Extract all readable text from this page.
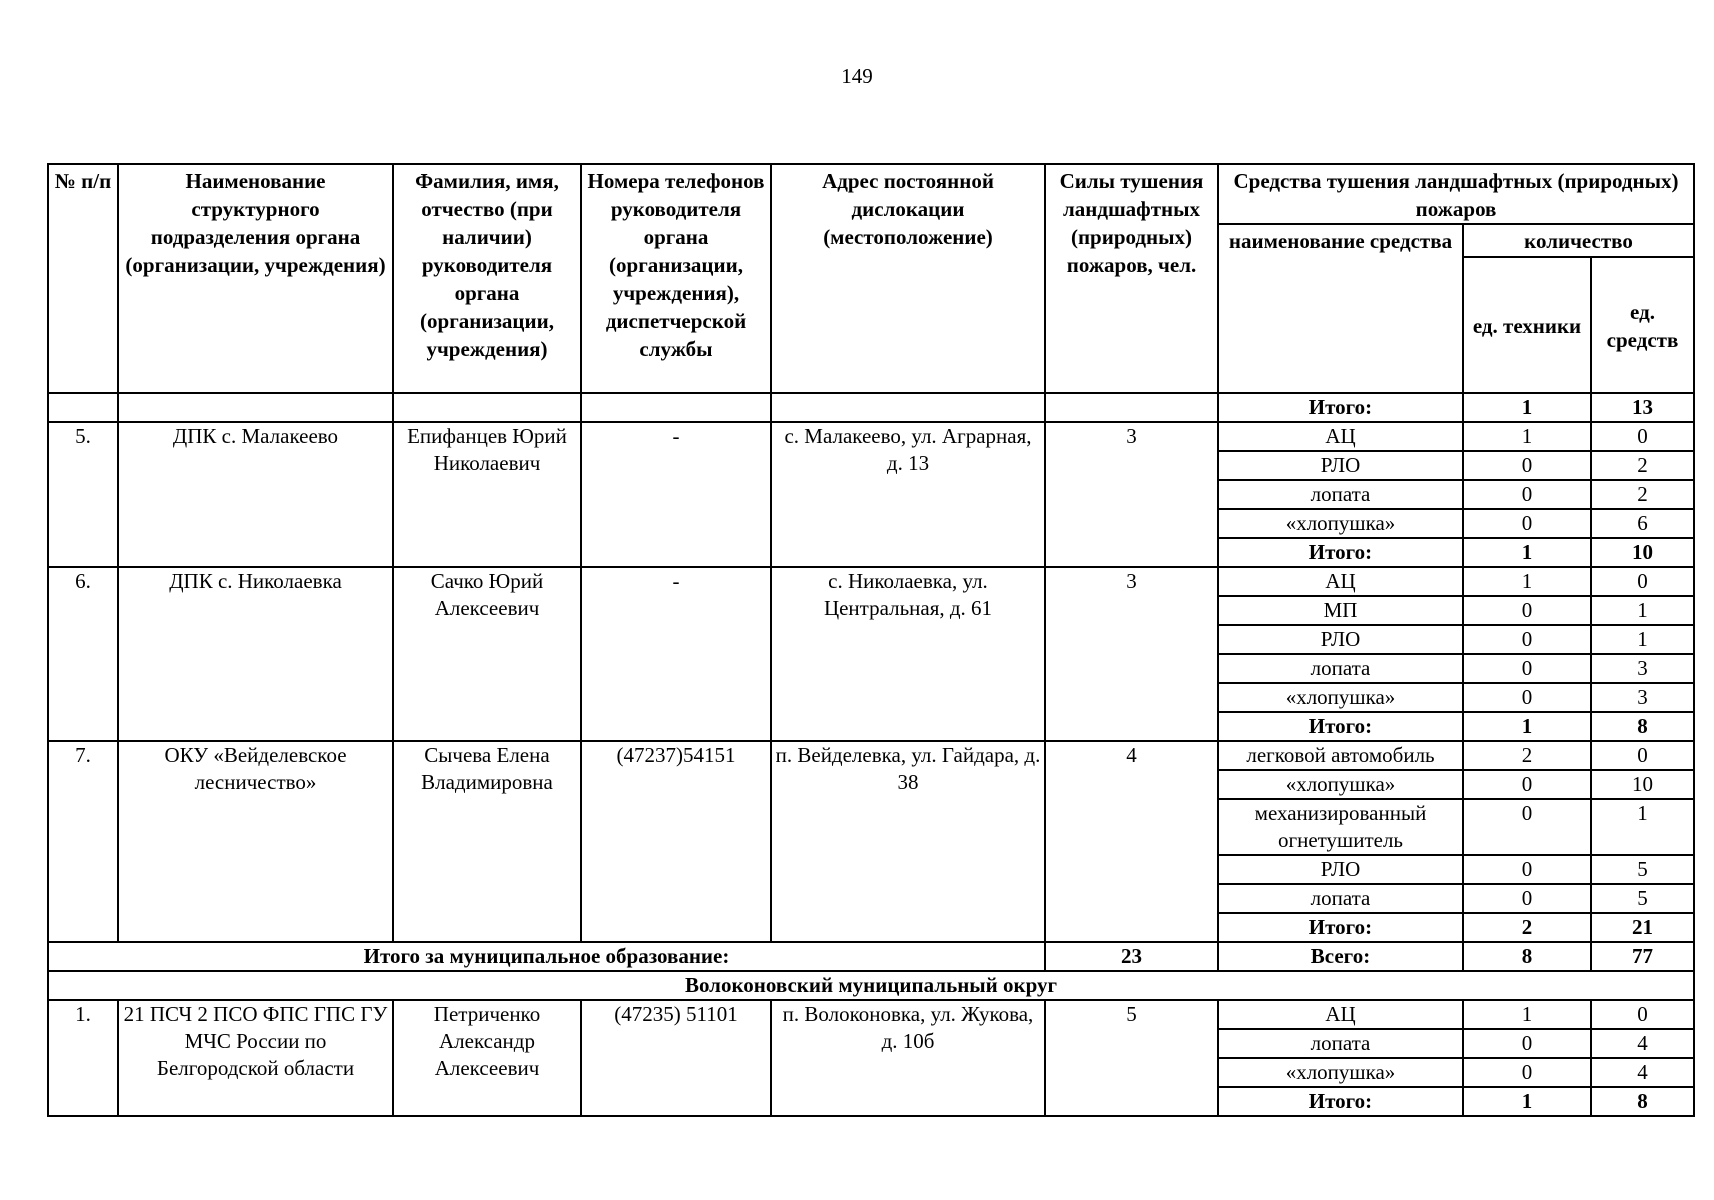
149
№ п/п	Наименование структурного подразделения органа (организации, учреждения)	Фамилия, имя, отчество (при наличии) руководителя органа (организации, учреждения)	Номера телефонов руководителя органа (организации, учреждения), диспетчерской службы	Адрес постоянной дислокации (местоположение)	Силы тушения ландшафтных (природных) пожаров, чел.	Средства тушения ландшафтных (природных) пожаров		
						наименование средства	количество	
							ед. техники	ед. средств
						Итого:	1	13
5.	ДПК с. Малакеево	Епифанцев Юрий Николаевич	-	с. Малакеево, ул. Аграрная, д. 13	3	АЦ	1	0
						РЛО	0	2
						лопата	0	2
						«хлопушка»	0	6
						Итого:	1	10
6.	ДПК с. Николаевка	Сачко Юрий Алексеевич	-	с. Николаевка, ул. Центральная, д. 61	3	АЦ	1	0
						МП	0	1
						РЛО	0	1
						лопата	0	3
						«хлопушка»	0	3
						Итого:	1	8
7.	ОКУ «Вейделевское лесничество»	Сычева Елена Владимировна	(47237)54151	п. Вейделевка, ул. Гайдара, д. 38	4	легковой автомобиль	2	0
						«хлопушка»	0	10
						механизированный огнетушитель	0	1
						РЛО	0	5
						лопата	0	5
						Итого:	2	21
Итого за муниципальное образование:					23	Всего:	8	77
Волоконовский муниципальный округ								
1.	21 ПСЧ 2 ПСО ФПС ГПС ГУ МЧС России по Белгородской области	Петриченко Александр Алексеевич	(47235) 51101	п. Волоконовка, ул. Жукова, д. 10б	5	АЦ	1	0
						лопата	0	4
						«хлопушка»	0	4
						Итого:	1	8
